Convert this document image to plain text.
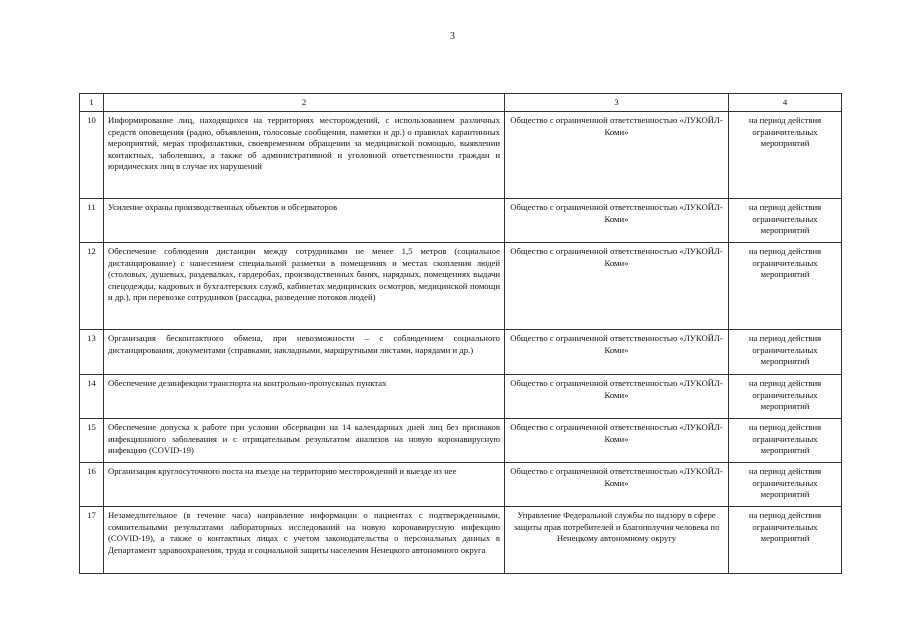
3
1	2	3	4
10	Информирование лиц, находящихся на территориях месторождений, с использованием различных средств оповещения (радио, объявления, голосовые сообщения, памятки и др.) о правилах карантинных мероприятий, мерах профилактики, своевременном обращении за медицинской помощью, выявлении контактных, заболевших, а также об административной и уголовной ответственности граждан и юридических лиц в случае их нарушений	Общество с ограниченной ответственностью «ЛУКОЙЛ-Коми»	на период действия ограничительных мероприятий
11	Усиление охраны производственных объектов и обсерваторов	Общество с ограниченной ответственностью «ЛУКОЙЛ-Коми»	на период действия ограничительных мероприятий
12	Обеспечение соблюдения дистанции между сотрудниками не менее 1,5 метров (социальное дистанцирование) с нанесением специальной разметки в помещениях и местах скопления людей (столовых, душевых, раздевалках, гардеробах, производственных банях, нарядных, помещениях выдачи спецодежды, кадровых и бухгалтерских служб, кабинетах медицинских осмотров, медицинской помощи и др.), при перевозке сотрудников (рассадка, разведение потоков людей)	Общество с ограниченной ответственностью «ЛУКОЙЛ-Коми»	на период действия ограничительных мероприятий
13	Организация бесконтактного обмена, при невозможности – с соблюдением социального дистанцирования, документами (справками, накладными, маршрутными листами, нарядами и др.)	Общество с ограниченной ответственностью «ЛУКОЙЛ-Коми»	на период действия ограничительных мероприятий
14	Обеспечение дезинфекции транспорта на контрольно-пропускных пунктах	Общество с ограниченной ответственностью «ЛУКОЙЛ-Коми»	на период действия ограничительных мероприятий
15	Обеспечение допуска к работе при условии обсервации на 14 календарных дней лиц без признаков инфекционного заболевания и с отрицательным результатом анализов на новую коронавирусную инфекцию (COVID-19)	Общество с ограниченной ответственностью «ЛУКОЙЛ-Коми»	на период действия ограничительных мероприятий
16	Организация круглосуточного поста на въезде на территорию месторождений и выезде из нее	Общество с ограниченной ответственностью «ЛУКОЙЛ-Коми»	на период действия ограничительных мероприятий
17	Незамедлительное (в течение часа) направление информации о пациентах с подтвержденными, сомнительными результатами лабораторных исследований на новую коронавирусную инфекцию (COVID-19), а также о контактных лицах с учетом законодательства о персональных данных в Департамент здравоохранения, труда и социальной защиты населения Ненецкого автономного округа	Управление Федеральной службы по надзору в сфере защиты прав потребителей и благополучия человека по Ненецкому автономному округу	на период действия ограничительных мероприятий
